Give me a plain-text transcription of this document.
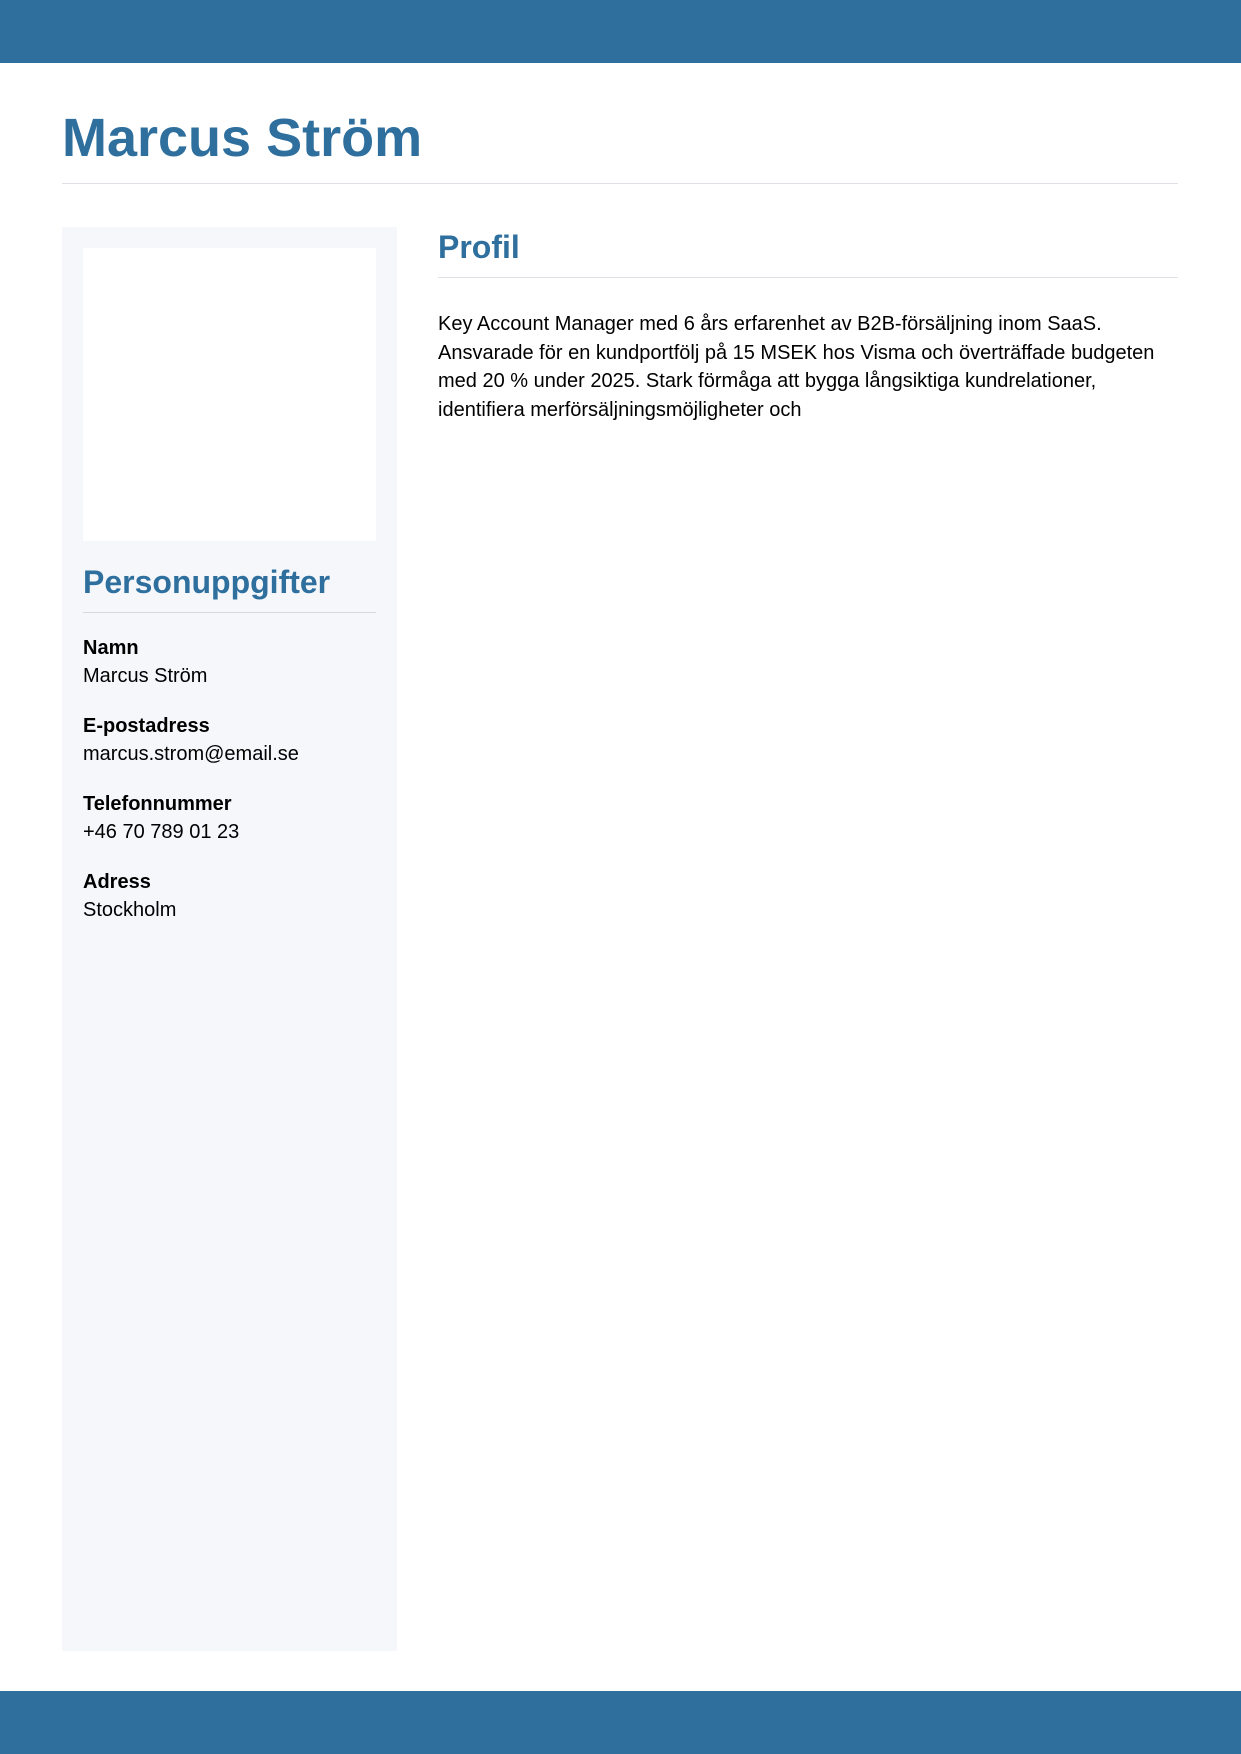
Marcus Ström
Personuppgifter
Namn
Marcus Ström
E-postadress
marcus.strom@email.se
Telefonnummer
+46 70 789 01 23
Adress
Stockholm
Profil

Key Account Manager med 6 års erfarenhet av B2B-försäljning inom SaaS. Ansvarade för en kundportfölj på 15 MSEK hos Visma och överträffade budgeten med 20 % under 2025. Stark förmåga att bygga långsiktiga kundrelationer, identifiera merförsäljningsmöjligheter och
